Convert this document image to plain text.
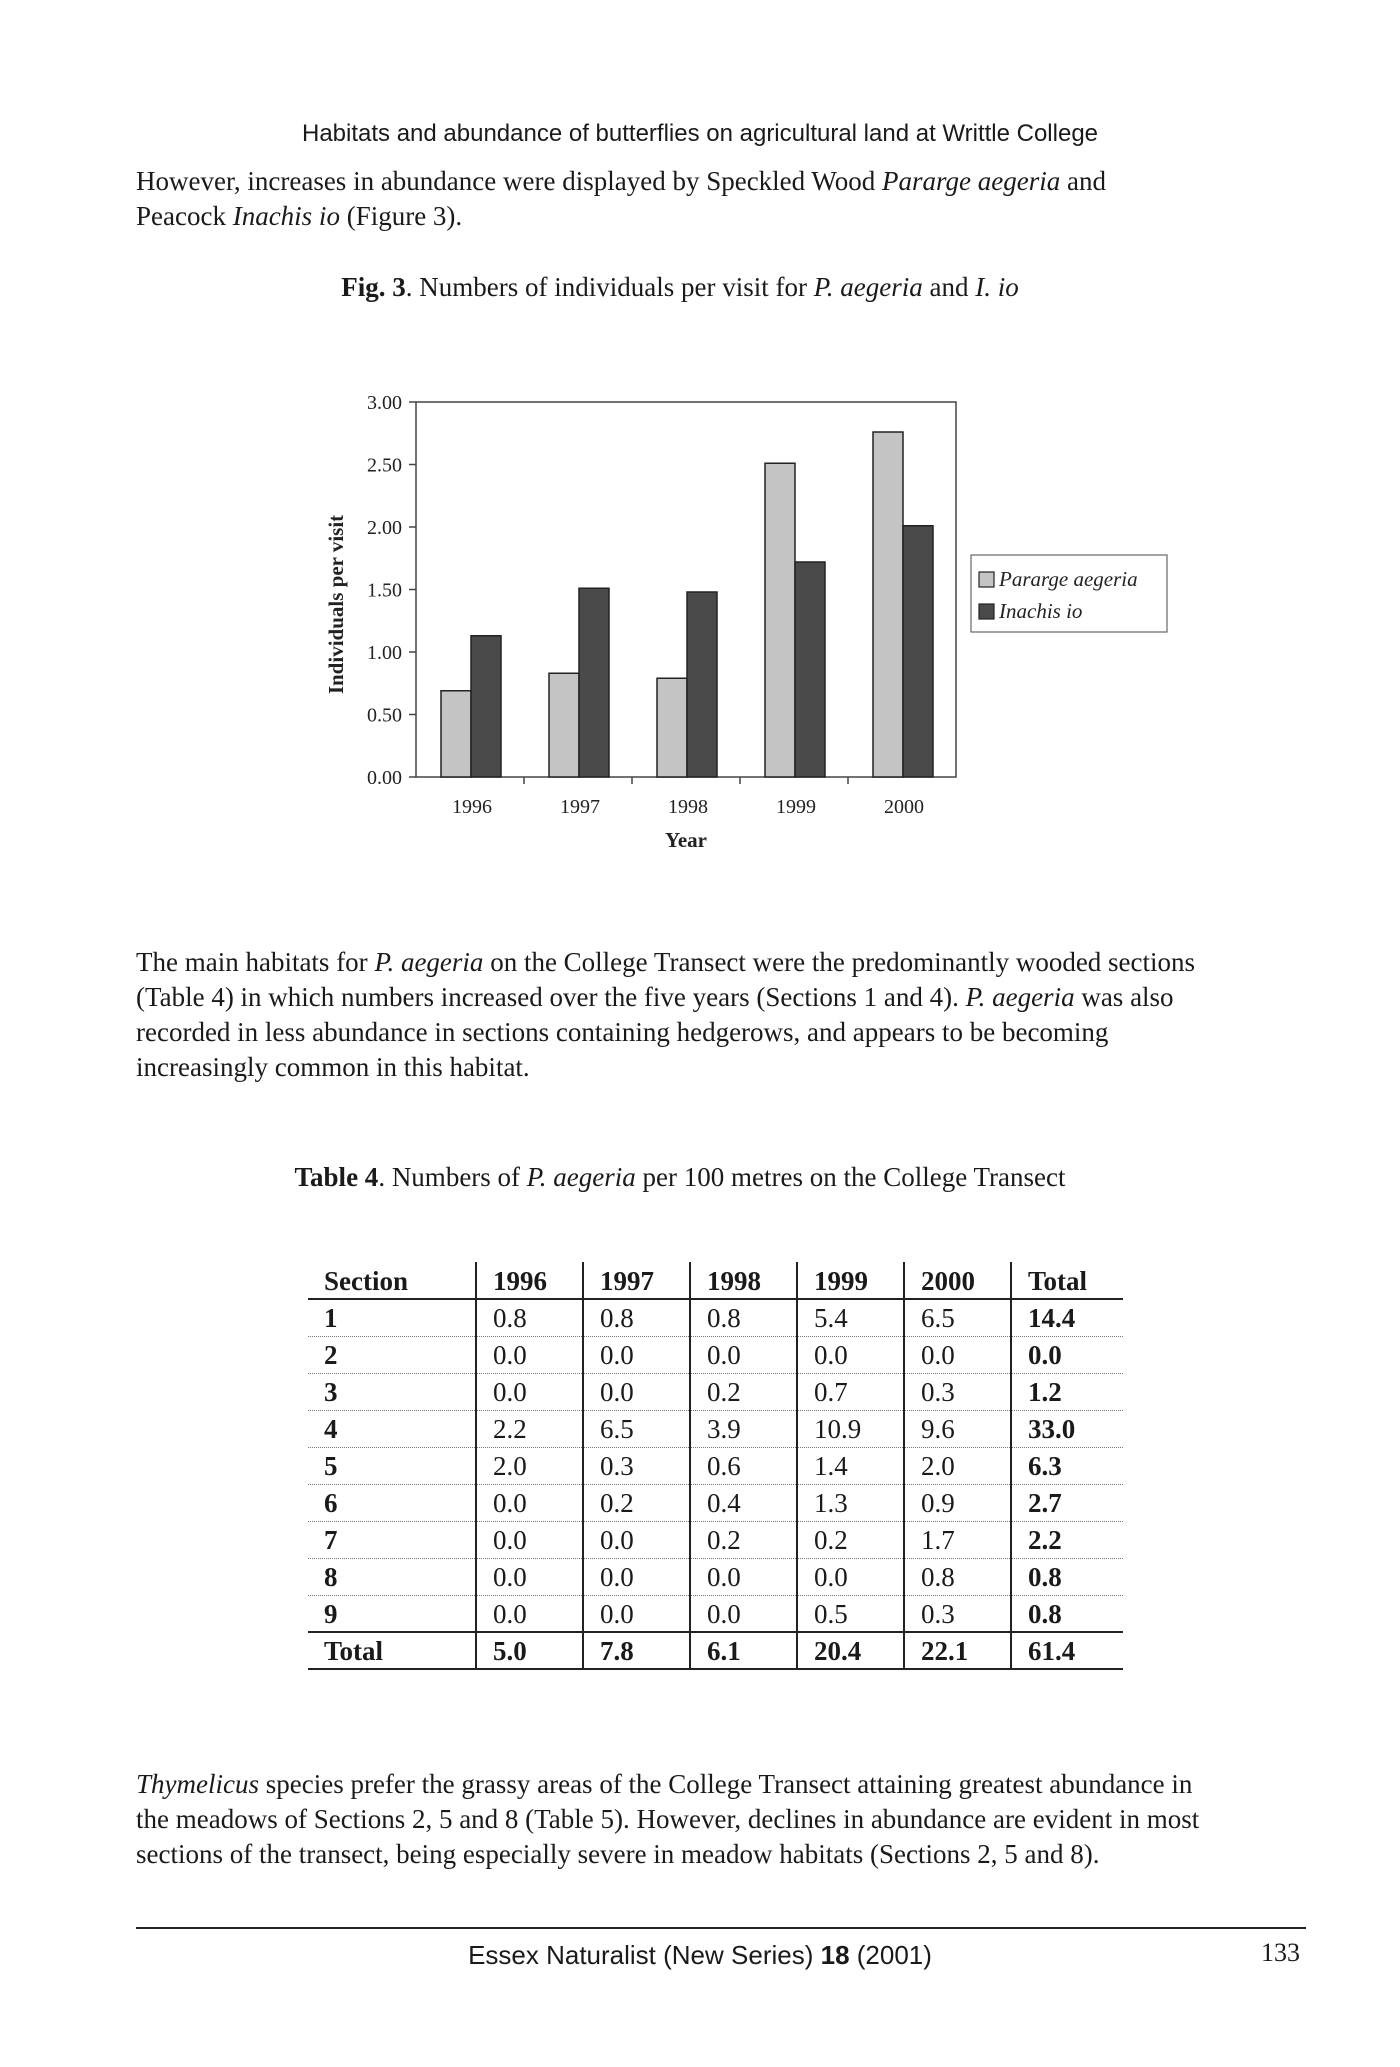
Habitats and abundance of butterflies on agricultural land at Writtle College
However, increases in abundance were displayed by Speckled Wood Pararge aegeria and
Peacock Inachis io (Figure 3).
Fig. 3. Numbers of individuals per visit for P. aegeria and I. io
0.00
0.50
1.00
1.50
2.00
2.50
3.00
1996	1997	1998	1999	2000
Year
Individuals per visit	Pararge aegeria
Inachis io
The main habitats for P. aegeria on the College Transect were the predominantly wooded sections
(Table 4) in which numbers increased over the five years (Sections 1 and 4). P. aegeria was also
recorded in less abundance in sections containing hedgerows, and appears to be becoming
increasingly common in this habitat.
Table 4. Numbers of P. aegeria per 100 metres on the College Transect
Section	1996	1997	1998	1999	2000	Total
1	0.8	0.8	0.8	5.4	6.5	14.4
2	0.0	0.0	0.0	0.0	0.0	0.0
3	0.0	0.0	0.2	0.7	0.3	1.2
4	2.2	6.5	3.9	10.9	9.6	33.0
5	2.0	0.3	0.6	1.4	2.0	6.3
6	0.0	0.2	0.4	1.3	0.9	2.7
7	0.0	0.0	0.2	0.2	1.7	2.2
8	0.0	0.0	0.0	0.0	0.8	0.8
9	0.0	0.0	0.0	0.5	0.3	0.8
Total	5.0	7.8	6.1	20.4	22.1	61.4
Thymelicus species prefer the grassy areas of the College Transect attaining greatest abundance in
the meadows of Sections 2, 5 and 8 (Table 5). However, declines in abundance are evident in most
sections of the transect, being especially severe in meadow habitats (Sections 2, 5 and 8).
Essex Naturalist (New Series) 18 (2001)	133
